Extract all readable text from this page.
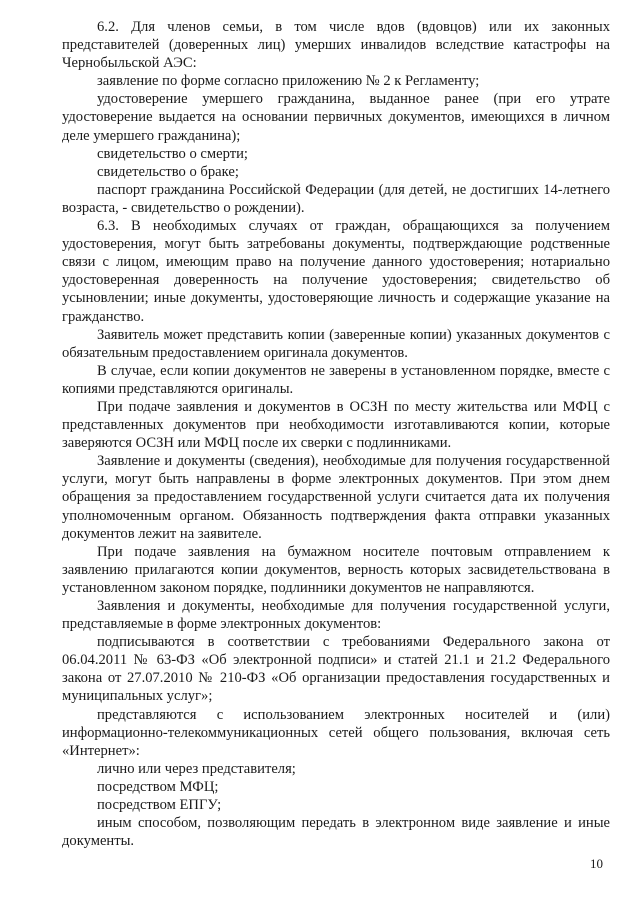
6.2. Для членов семьи, в том числе вдов (вдовцов) или их законных представителей (доверенных лиц) умерших инвалидов вследствие катастрофы на Чернобыльской АЭС:

заявление по форме согласно приложению № 2 к Регламенту;

удостоверение умершего гражданина, выданное ранее (при его утрате удостоверение выдается на основании первичных документов, имеющихся в личном деле умершего гражданина);

свидетельство о смерти;

свидетельство о браке;

паспорт гражданина Российской Федерации (для детей, не достигших 14-летнего возраста, - свидетельство о рождении).

6.3. В необходимых случаях от граждан, обращающихся за получением удостоверения, могут быть затребованы документы, подтверждающие родственные связи с лицом, имеющим право на получение данного удостоверения; нотариально удостоверенная доверенность на получение удостоверения; свидетельство об усыновлении; иные документы, удостоверяющие личность и содержащие указание на гражданство.

Заявитель может представить копии (заверенные копии) указанных документов с обязательным предоставлением оригинала документов.

В случае, если копии документов не заверены в установленном порядке, вместе с копиями представляются оригиналы.

При подаче заявления и документов в ОСЗН по месту жительства или МФЦ с представленных документов при необходимости изготавливаются копии, которые заверяются ОСЗН или МФЦ после их сверки с подлинниками.

Заявление и документы (сведения), необходимые для получения государственной услуги, могут быть направлены в форме электронных документов. При этом днем обращения за предоставлением государственной услуги считается дата их получения уполномоченным органом. Обязанность подтверждения факта отправки указанных документов лежит на заявителе.

При подаче заявления на бумажном носителе почтовым отправлением к заявлению прилагаются копии документов, верность которых засвидетельствована в установленном законом порядке, подлинники документов не направляются.

Заявления и документы, необходимые для получения государственной услуги, представляемые в форме электронных документов:

подписываются в соответствии с требованиями Федерального закона от 06.04.2011 № 63-ФЗ «Об электронной подписи» и статей 21.1 и 21.2 Федерального закона от 27.07.2010 № 210-ФЗ «Об организации предоставления государственных и муниципальных услуг»;

представляются с использованием электронных носителей и (или) информационно-телекоммуникационных сетей общего пользования, включая сеть «Интернет»:

лично или через представителя;

посредством МФЦ;

посредством ЕПГУ;

иным способом, позволяющим передать в электронном виде заявление и иные документы.

10
